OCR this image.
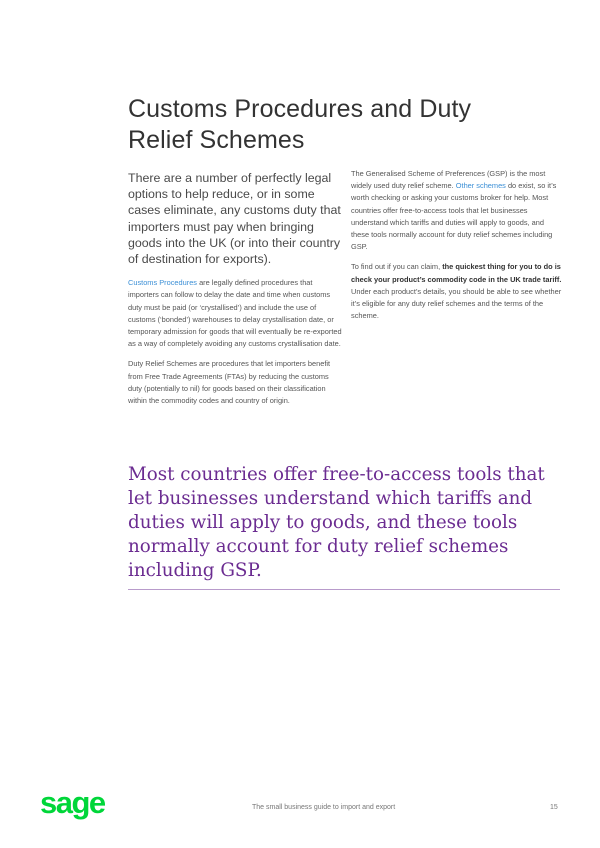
Customs Procedures and Duty
Relief Schemes

There are a number of perfectly legal options to help reduce, or in some cases eliminate, any customs duty that importers must pay when bringing goods into the UK (or into their country of destination for exports).

Customs Procedures are legally defined procedures that importers can follow to delay the date and time when customs duty must be paid (or ‘crystallised’) and include the use of customs (‘bonded’) warehouses to delay crystallisation date, or temporary admission for goods that will eventually be re-exported as a way of completely avoiding any customs crystallisation date.

Duty Relief Schemes are procedures that let importers benefit from Free Trade Agreements (FTAs) by reducing the customs duty (potentially to nil) for goods based on their classification within the commodity codes and country of origin.

The Generalised Scheme of Preferences (GSP) is the most widely used duty relief scheme. Other schemes do exist, so it’s worth checking or asking your customs broker for help. Most countries offer free-to-access tools that let businesses understand which tariffs and duties will apply to goods, and these tools normally account for duty relief schemes including GSP.

To find out if you can claim, the quickest thing for you to do is check your product’s commodity code in the UK trade tariff. Under each product’s details, you should be able to see whether it’s eligible for any duty relief schemes and the terms of the scheme.

Most countries offer free-to-access tools that let businesses understand which tariffs and duties will apply to goods, and these tools normally account for duty relief schemes including GSP.

sage	The small business guide to import and export	15
